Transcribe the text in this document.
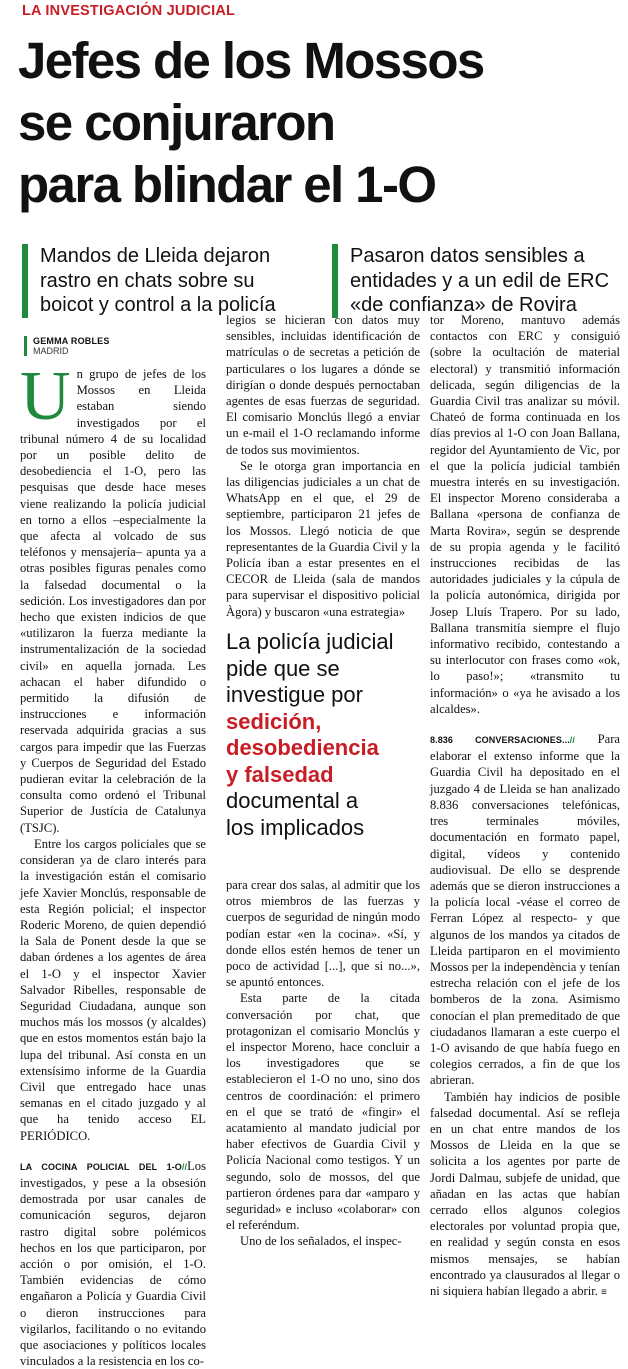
LA INVESTIGACIÓN JUDICIAL
Jefes de los Mossos
se conjuraron
para blindar el 1-O
Mandos de Lleida dejaron
rastro en chats sobre su
boicot y control a la policía
Pasaron datos sensibles a
entidades y a un edil de ERC
«de confianza» de Rovira
GEMMA ROBLES
MADRID

Un grupo de jefes de los Mossos en Lleida estaban siendo investigados por el tribunal número 4 de su localidad por un posible delito de desobediencia el 1-O, pero las pesquisas que desde hace meses viene realizando la policía judicial en torno a ellos –especialmente la que afecta al volcado de sus teléfonos y mensajería– apunta ya a otras posibles figuras penales como la falsedad documental o la sedición. Los investigadores dan por hecho que existen indicios de que «utilizaron la fuerza mediante la instrumentalización de la sociedad civil» en aquella jornada. Les achacan el haber difundido o permitido la difusión de instrucciones e información reservada adquirida gracias a sus cargos para impedir que las Fuerzas y Cuerpos de Seguridad del Estado pudieran evitar la celebración de la consulta como ordenó el Tribunal Superior de Justícia de Catalunya (TSJC).

Entre los cargos policiales que se consideran ya de claro interés para la investigación están el comisario jefe Xavier Monclús, responsable de esta Región policial; el inspector Roderic Moreno, de quien dependió la Sala de Ponent desde la que se daban órdenes a los agentes de área el 1-O y el inspector Xavier Salvador Ribelles, responsable de Seguridad Ciudadana, aunque son muchos más los mossos (y alcaldes) que en estos momentos están bajo la lupa del tribunal. Así consta en un extensísimo informe de la Guardia Civil que entregado hace unas semanas en el citado juzgado y al que ha tenido acceso EL PERIÓDICO.

LA COCINA POLICIAL DEL 1-O//Los investigados, y pese a la obsesión demostrada por usar canales de comunicación seguros, dejaron rastro digital sobre polémicos hechos en los que participaron, por acción o por omisión, el 1-O. También evidencias de cómo engañaron a Policía y Guardia Civil o dieron instrucciones para vigilarlos, facilitando o no evitando que asociaciones y políticos locales vinculados a la resistencia en los co-

legios se hicieran con datos muy sensibles, incluidas identificación de matrículas o de secretas a petición de particulares o los lugares a dónde se dirigían o donde después pernoctaban agentes de esas fuerzas de seguridad. El comisario Monclús llegó a enviar un e-mail el 1-O reclamando informe de todos sus movimientos.

Se le otorga gran importancia en las diligencias judiciales a un chat de WhatsApp en el que, el 29 de septiembre, participaron 21 jefes de los Mossos. Llegó noticia de que representantes de la Guardia Civil y la Policía iban a estar presentes en el CECOR de Lleida (sala de mandos para supervisar el dispositivo policial Àgora) y buscaron «una estrategia»

La policía judicial
pide que se
investigue por
sedición,
desobediencia
y falsedad
documental a
los implicados

para crear dos salas, al admitir que los otros miembros de las fuerzas y cuerpos de seguridad de ningún modo podían estar «en la cocina». «Sí, y donde ellos estén hemos de tener un poco de actividad [...], que si no...», se apuntó entonces.

Esta parte de la citada conversación por chat, que protagonizan el comisario Monclús y el inspector Moreno, hace concluir a los investigadores que se establecieron el 1-O no uno, sino dos centros de coordinación: el primero en el que se trató de «fingir» el acatamiento al mandato judicial por haber efectivos de Guardia Civil y Policía Nacional como testigos. Y un segundo, solo de mossos, del que partieron órdenes para dar «amparo y seguridad» e incluso «colaborar» con el referéndum.

Uno de los señalados, el inspec-

tor Moreno, mantuvo además contactos con ERC y consiguió (sobre la ocultación de material electoral) y transmitió información delicada, según diligencias de la Guardia Civil tras analizar su móvil. Chateó de forma continuada en los días previos al 1-O con Joan Ballana, regidor del Ayuntamiento de Vic, por el que la policía judicial también muestra interés en su investigación. El inspector Moreno consideraba a Ballana «persona de confianza de Marta Rovira», según se desprende de su propia agenda y le facilitó instrucciones recibidas de las autoridades judiciales y la cúpula de la policía autonómica, dirigida por Josep Lluís Trapero. Por su lado, Ballana transmitía siempre el flujo informativo recibido, contestando a su interlocutor con frases como «ok, lo paso!»; «transmito tu información» o «ya he avisado a los alcaldes».

8.836 CONVERSACIONES...// Para elaborar el extenso informe que la Guardia Civil ha depositado en el juzgado 4 de Lleida se han analizado 8.836 conversaciones telefónicas, tres terminales móviles, documentación en formato papel, digital, vídeos y contenido audiovisual. De ello se desprende además que se dieron instrucciones a la policía local -véase el correo de Ferran López al respecto- y que algunos de los mandos ya citados de Lleida partiparon en el movimiento Mossos per la independència y tenían estrecha relación con el jefe de los bomberos de la zona. Asimismo conocían el plan premeditado de que ciudadanos llamaran a este cuerpo el 1-O avisando de que había fuego en colegios cerrados, a fin de que los abrieran.

También hay indicios de posible falsedad documental. Así se refleja en un chat entre mandos de los Mossos de Lleida en la que se solicita a los agentes por parte de Jordi Dalmau, subjefe de unidad, que añadan en las actas que habían cerrado ellos algunos colegios electorales por voluntad propia que, en realidad y según consta en esos mismos mensajes, se habían encontrado ya clausurados al llegar o ni siquiera habían llegado a abrir. ≡
